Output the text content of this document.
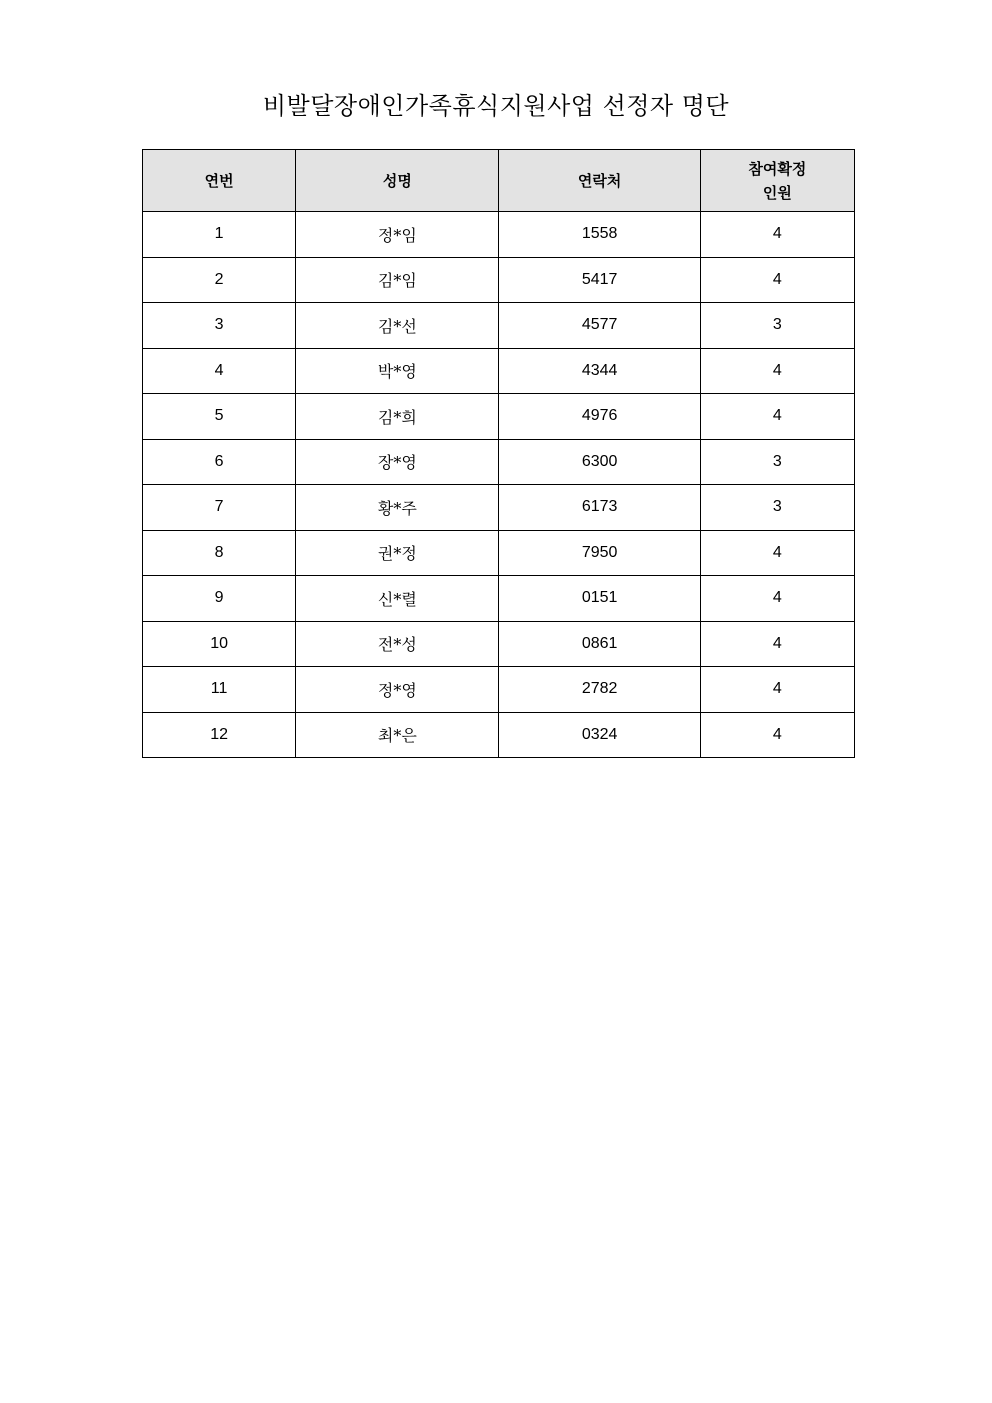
비발달장애인가족휴식지원사업 선정자 명단
연번	성명	연락처	참여확정
인원

1	정*임	1558	4
2	김*임	5417	4
3	김*선	4577	3
4	박*영	4344	4
5	김*희	4976	4
6	장*영	6300	3
7	황*주	6173	3
8	권*정	7950	4
9	신*렬	0151	4
10	전*성	0861	4
11	정*영	2782	4
12	최*은	0324	4
